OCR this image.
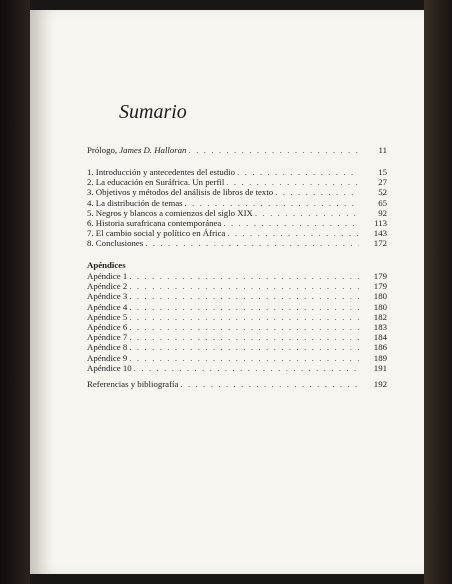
Sumario
Prólogo, James D. Halloran . . .	11
1. Introducción y antecedentes del estudio . . .	15
2. La educación en Suráfrica. Un perfil . . .	27
3. Objetivos y métodos del análisis de libros de texto . . .	52
4. La distribución de temas . . .	65
5. Negros y blancos a comienzos del siglo XIX . . .	92
6. Historia surafricana contemporánea . . .	113
7. El cambio social y político en África . . .	143
8. Conclusiones . . .	172
Apéndices
Apéndice 1 . . .	179
Apéndice 2 . . .	179
Apéndice 3 . . .	180
Apéndice 4 . . .	180
Apéndice 5 . . .	182
Apéndice 6 . . .	183
Apéndice 7 . . .	184
Apéndice 8 . . .	186
Apéndice 9 . . .	189
Apéndice 10 . . .	191
Referencias y bibliografía . . .	192
